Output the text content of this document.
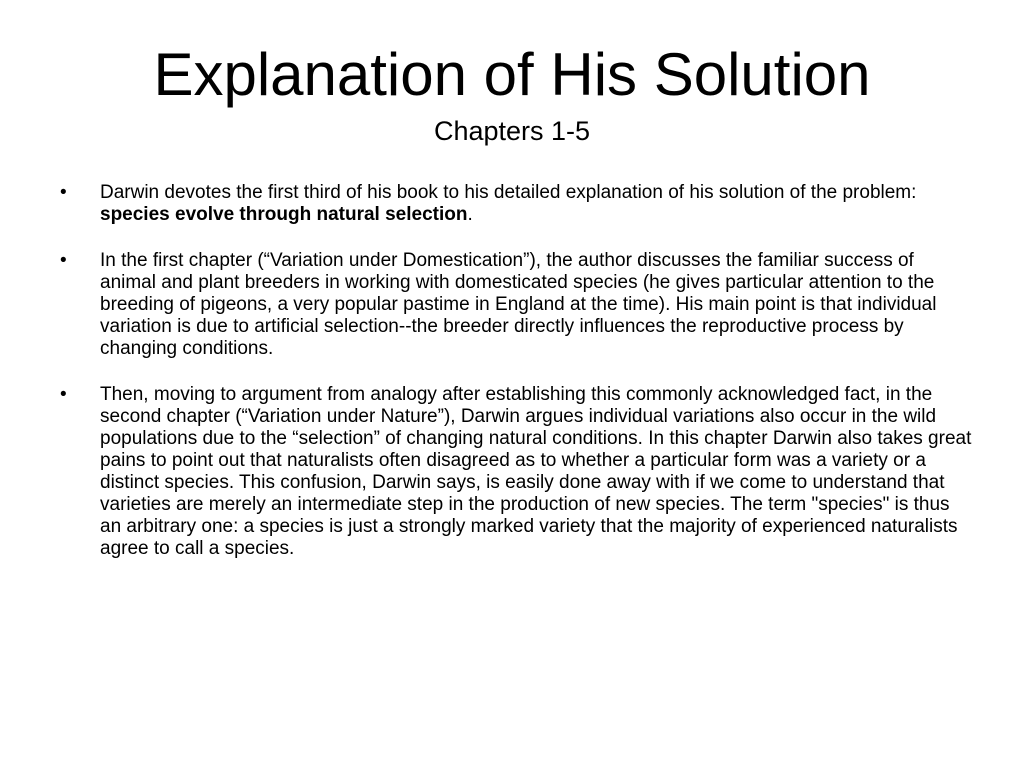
Explanation of His Solution
Chapters 1-5
•	Darwin devotes the first third of his book to his detailed explanation of his solution of the problem: species evolve through natural selection.
•	In the first chapter (“Variation under Domestication”), the author discusses the familiar success of animal and plant breeders in working with domesticated species (he gives particular attention to the breeding of pigeons, a very popular pastime in England at the time). His main point is that individual variation is due to artificial selection--the breeder directly influences the reproductive process by changing conditions.
•	Then, moving to argument from analogy after establishing this commonly acknowledged fact, in the second chapter (“Variation under Nature”), Darwin argues individual variations also occur in the wild populations due to the “selection” of changing natural conditions. In this chapter Darwin also takes great pains to point out that naturalists often disagreed as to whether a particular form was a variety or a distinct species. This confusion, Darwin says, is easily done away with if we come to understand that varieties are merely an intermediate step in the production of new species. The term "species" is thus an arbitrary one: a species is just a strongly marked variety that the majority of experienced naturalists agree to call a species.
